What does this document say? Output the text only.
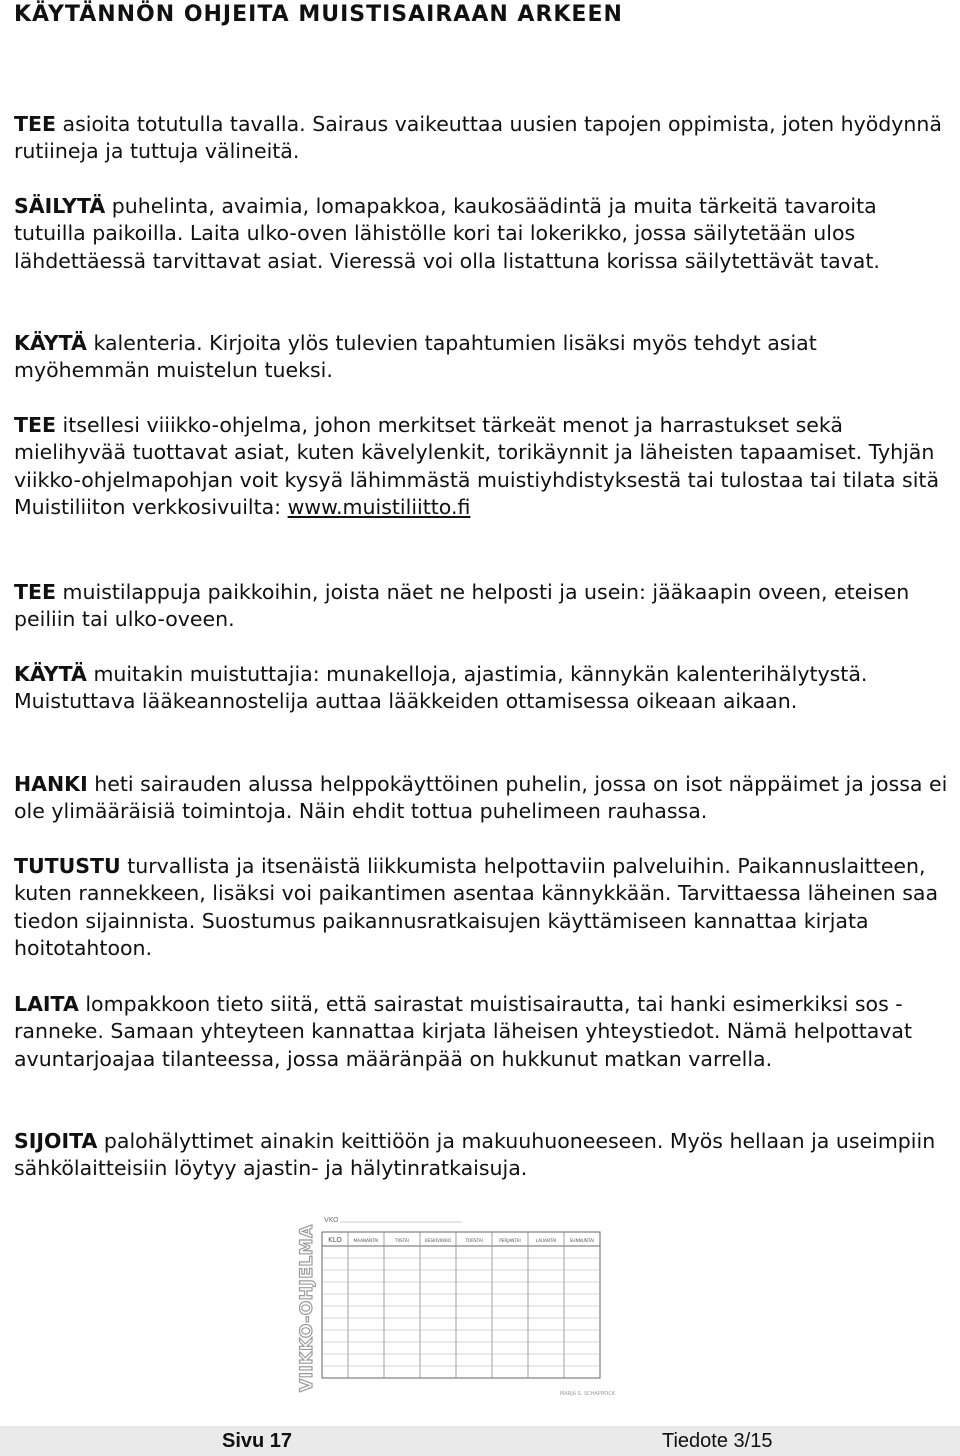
KÄYTÄNNÖN OHJEITA MUISTISAIRAAN ARKEEN

TEE asioita totutulla tavalla. Sairaus vaikeuttaa uusien tapojen oppimista, joten hyödynnä rutiineja ja tuttuja välineitä.

SÄILYTÄ puhelinta, avaimia, lomapakkoa, kaukosäädintä ja muita tärkeitä tavaroita tutuilla paikoilla. Laita ulko-oven lähistölle kori tai lokerikko, jossa säilytetään ulos lähdettäessä tarvittavat asiat. Vieressä voi olla listattuna korissa säilytettävät tavat.

KÄYTÄ kalenteria. Kirjoita ylös tulevien tapahtumien lisäksi myös tehdyt asiat myöhemmän muistelun tueksi.

TEE itsellesi viiikko-ohjelma, johon merkitset tärkeät menot ja harrastukset sekä mielihyvää tuottavat asiat, kuten kävelylenkit, torikäynnit ja läheisten tapaamiset. Tyhjän viikko-ohjelmapohjan voit kysyä lähimmästä muistiyhdistyksestä tai tulostaa tai tilata sitä Muistiliiton verkkosivuilta: www.muistiliitto.fi

TEE muistilappuja paikkoihin, joista näet ne helposti ja usein: jääkaapin oveen, eteisen peiliin tai ulko-oveen.

KÄYTÄ muitakin muistuttajia: munakelloja, ajastimia, kännykän kalenterihälytystä. Muistuttava lääkeannostelija auttaa lääkkeiden ottamisessa oikeaan aikaan.

HANKI heti sairauden alussa helppokäyttöinen puhelin, jossa on isot näppäimet ja jossa ei ole ylimääräisiä toimintoja. Näin ehdit tottua puhelimeen rauhassa.

TUTUSTU turvallista ja itsenäistä liikkumista helpottaviin palveluihin. Paikannuslaitteen, kuten rannekkeen, lisäksi voi paikantimen asentaa kännykkään. Tarvittaessa läheinen saa tiedon sijainnista. Suostumus paikannusratkaisujen käyttämiseen kannattaa kirjata hoitotahtoon.

LAITA lompakkoon tieto siitä, että sairastat muistisairautta, tai hanki esimerkiksi sos -ranneke. Samaan yhteyteen kannattaa kirjata läheisen yhteystiedot. Nämä helpottavat avuntarjoajaa tilanteessa, jossa määränpää on hukkunut matkan varrella.

SIJOITA palohälyttimet ainakin keittiöön ja makuuhuoneeseen. Myös hellaan ja useimpiin sähkölaitteisiin löytyy ajastin- ja hälytinratkaisuja.

VIIKKO-OHJELMA
VKO
KLO	MAANANTAI	TIISTAI	KESKIVIIKKO	TORSTAI	PERJANTAI	LAUANTAI	SUNNUNTAI
MARJA S. SCHAPROCK
Sivu 17	Tiedote 3/15
